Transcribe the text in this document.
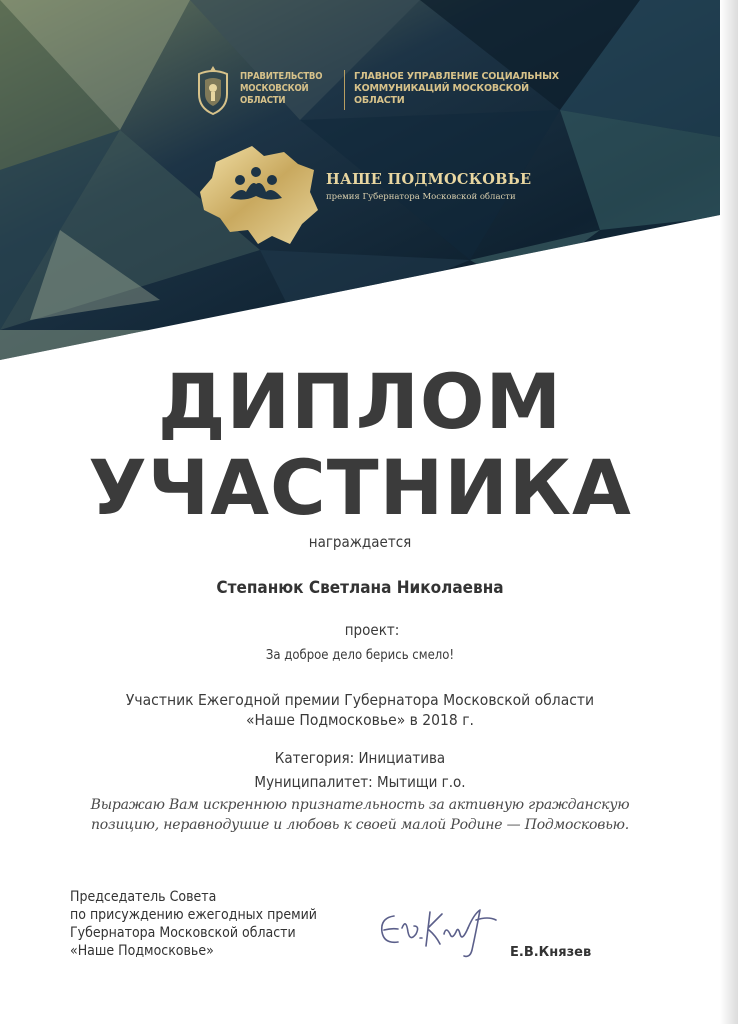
ПРАВИТЕЛЬСТВО МОСКОВСКОЙ ОБЛАСТИ
ГЛАВНОЕ УПРАВЛЕНИЕ СОЦИАЛЬНЫХ КОММУНИКАЦИЙ МОСКОВСКОЙ ОБЛАСТИ
НАШЕ ПОДМОСКОВЬЕ
премия Губернатора Московской области
ДИПЛОМ
УЧАСТНИКА
награждается
Степанюк Светлана Николаевна
проект:
За доброе дело берись смело!
Участник Ежегодной премии Губернатора Московской области
«Наше Подмосковье» в 2018 г.
Категория: Инициатива
Муниципалитет: Мытищи г.о.
Выражаю Вам искреннюю признательность за активную гражданскую
позицию, неравнодушие и любовь к своей малой Родине — Подмосковью.
Председатель Совета
по присуждению ежегодных премий
Губернатора Московской области
«Наше Подмосковье»	Е.В.Князев
